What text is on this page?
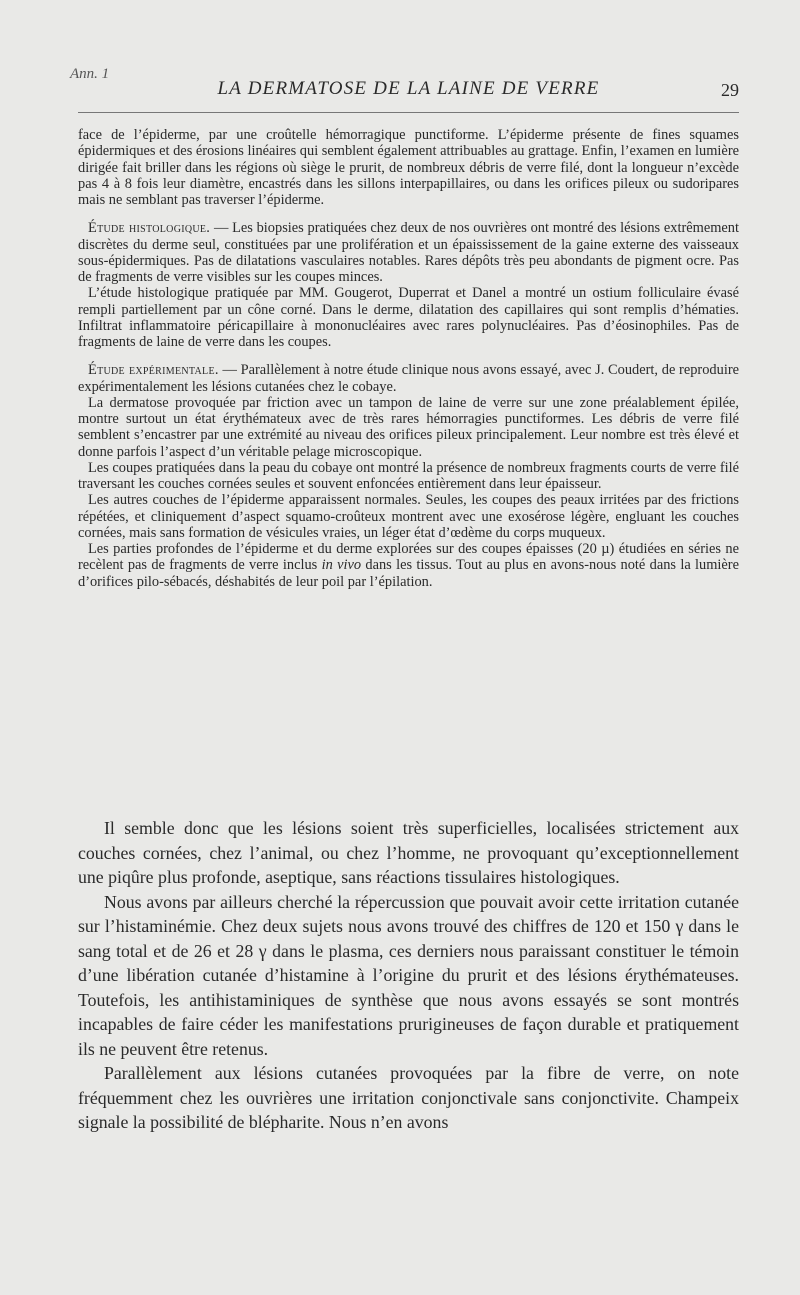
Ann. 1
LA DERMATOSE DE LA LAINE DE VERRE	29

face de l’épiderme, par une croûtelle hémorragique punctiforme. L’épiderme présente de fines squames épidermiques et des érosions linéaires qui semblent également attribuables au grattage. Enfin, l’examen en lumière dirigée fait briller dans les régions où siège le prurit, de nombreux débris de verre filé, dont la longueur n’excède pas 4 à 8 fois leur diamètre, encastrés dans les sillons interpapillaires, ou dans les orifices pileux ou sudoripares mais ne semblant pas traverser l’épiderme.

Étude histologique. — Les biopsies pratiquées chez deux de nos ouvrières ont montré des lésions extrêmement discrètes du derme seul, constituées par une prolifération et un épaississement de la gaine externe des vaisseaux sous-épidermiques. Pas de dilatations vasculaires notables. Rares dépôts très peu abondants de pigment ocre. Pas de fragments de verre visibles sur les coupes minces.

L’étude histologique pratiquée par MM. Gougerot, Duperrat et Danel a montré un ostium folliculaire évasé rempli partiellement par un cône corné. Dans le derme, dilatation des capillaires qui sont remplis d’hématies. Infiltrat inflammatoire péricapillaire à mononucléaires avec rares polynucléaires. Pas d’éosinophiles. Pas de fragments de laine de verre dans les coupes.

Étude expérimentale. — Parallèlement à notre étude clinique nous avons essayé, avec J. Coudert, de reproduire expérimentalement les lésions cutanées chez le cobaye.

La dermatose provoquée par friction avec un tampon de laine de verre sur une zone préalablement épilée, montre surtout un état érythémateux avec de très rares hémorragies punctiformes. Les débris de verre filé semblent s’encastrer par une extrémité au niveau des orifices pileux principalement. Leur nombre est très élevé et donne parfois l’aspect d’un véritable pelage microscopique.

Les coupes pratiquées dans la peau du cobaye ont montré la présence de nombreux fragments courts de verre filé traversant les couches cornées seules et souvent enfoncées entièrement dans leur épaisseur.

Les autres couches de l’épiderme apparaissent normales. Seules, les coupes des peaux irritées par des frictions répétées, et cliniquement d’aspect squamo-croûteux montrent avec une exosérose légère, engluant les couches cornées, mais sans formation de vésicules vraies, un léger état d’œdème du corps muqueux.

Les parties profondes de l’épiderme et du derme explorées sur des coupes épaisses (20 µ) étudiées en séries ne recèlent pas de fragments de verre inclus in vivo dans les tissus. Tout au plus en avons-nous noté dans la lumière d’orifices pilo-sébacés, déshabités de leur poil par l’épilation.

Il semble donc que les lésions soient très superficielles, localisées strictement aux couches cornées, chez l’animal, ou chez l’homme, ne provoquant qu’exceptionnellement une piqûre plus profonde, aseptique, sans réactions tissulaires histologiques.

Nous avons par ailleurs cherché la répercussion que pouvait avoir cette irritation cutanée sur l’histaminémie. Chez deux sujets nous avons trouvé des chiffres de 120 et 150 γ dans le sang total et de 26 et 28 γ dans le plasma, ces derniers nous paraissant constituer le témoin d’une libération cutanée d’histamine à l’origine du prurit et des lésions érythémateuses. Toutefois, les antihistaminiques de synthèse que nous avons essayés se sont montrés incapables de faire céder les manifestations prurigineuses de façon durable et pratiquement ils ne peuvent être retenus.

Parallèlement aux lésions cutanées provoquées par la fibre de verre, on note fréquemment chez les ouvrières une irritation conjonctivale sans conjonctivite. Champeix signale la possibilité de blépharite. Nous n’en avons
